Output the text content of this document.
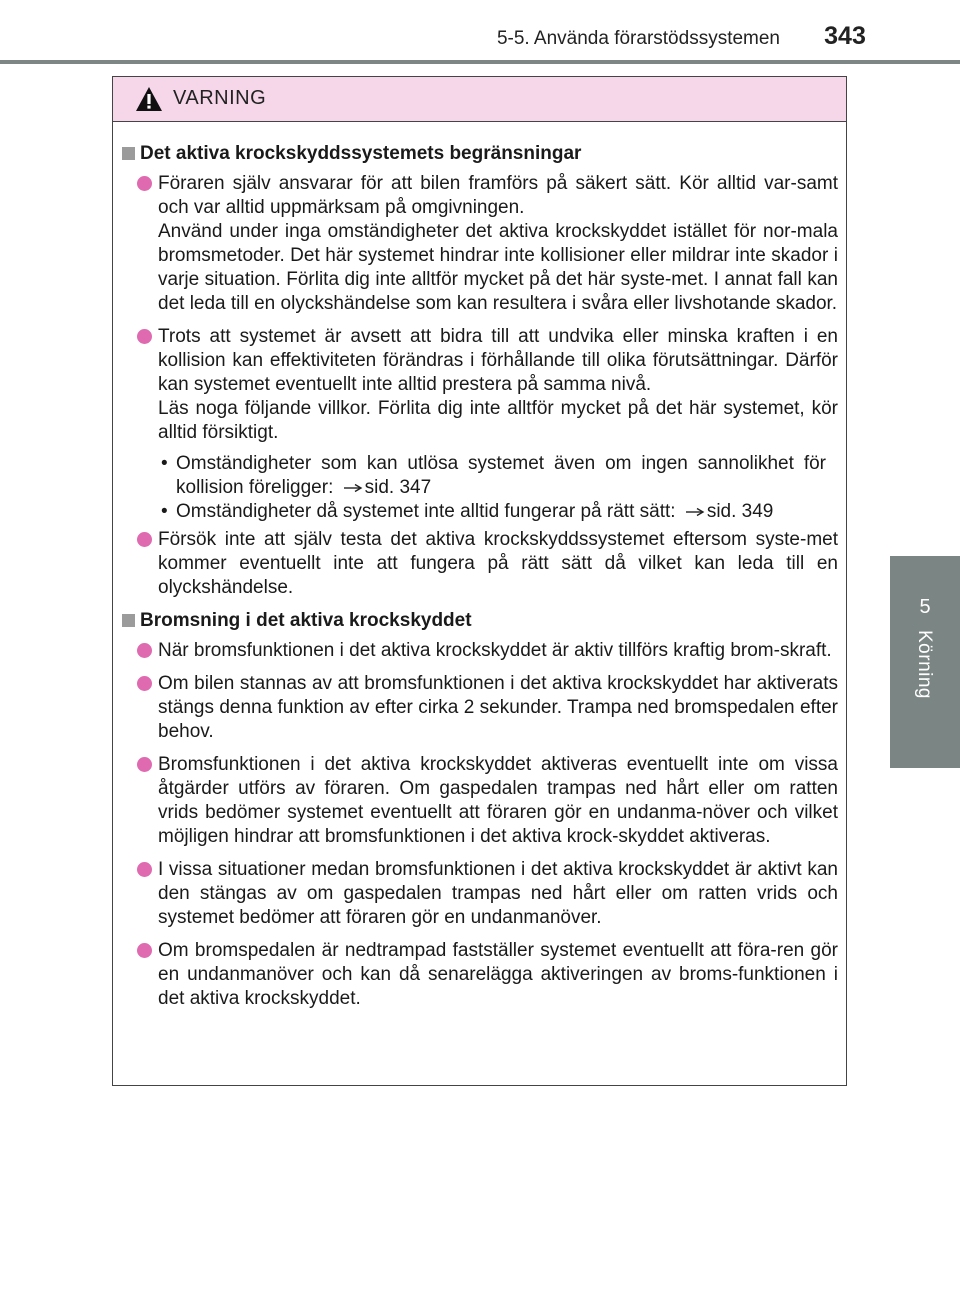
5-5. Använda förarstödssystemen	343
5
Körning
VARNING
Det aktiva krockskyddssystemets begränsningar

Föraren själv ansvarar för att bilen framförs på säkert sätt. Kör alltid var-samt och var alltid uppmärksam på omgivningen.

Använd under inga omständigheter det aktiva krockskyddet istället för nor-mala bromsmetoder. Det här systemet hindrar inte kollisioner eller mildrar inte skador i varje situation. Förlita dig inte alltför mycket på det här syste-met. I annat fall kan det leda till en olyckshändelse som kan resultera i svåra eller livshotande skador.

Trots att systemet är avsett att bidra till att undvika eller minska kraften i en kollision kan effektiviteten förändras i förhållande till olika förutsättningar. Därför kan systemet eventuellt inte alltid prestera på samma nivå.

Läs noga följande villkor. Förlita dig inte alltför mycket på det här systemet, kör alltid försiktigt.

• Omständigheter som kan utlösa systemet även om ingen sannolikhet för kollision föreligger: sid. 347
• Omständigheter då systemet inte alltid fungerar på rätt sätt: sid. 349

Försök inte att själv testa det aktiva krockskyddssystemet eftersom syste-met kommer eventuellt inte att fungera på rätt sätt då vilket kan leda till en olyckshändelse.

Bromsning i det aktiva krockskyddet

När bromsfunktionen i det aktiva krockskyddet är aktiv tillförs kraftig brom-skraft.

Om bilen stannas av att bromsfunktionen i det aktiva krockskyddet har aktiverats stängs denna funktion av efter cirka 2 sekunder. Trampa ned bromspedalen efter behov.

Bromsfunktionen i det aktiva krockskyddet aktiveras eventuellt inte om vissa åtgärder utförs av föraren. Om gaspedalen trampas ned hårt eller om ratten vrids bedömer systemet eventuellt att föraren gör en undanma-növer och vilket möjligen hindrar att bromsfunktionen i det aktiva krock-skyddet aktiveras.

I vissa situationer medan bromsfunktionen i det aktiva krockskyddet är aktivt kan den stängas av om gaspedalen trampas ned hårt eller om ratten vrids och systemet bedömer att föraren gör en undanmanöver.

Om bromspedalen är nedtrampad fastställer systemet eventuellt att föra-ren gör en undanmanöver och kan då senarelägga aktiveringen av broms-funktionen i det aktiva krockskyddet.
